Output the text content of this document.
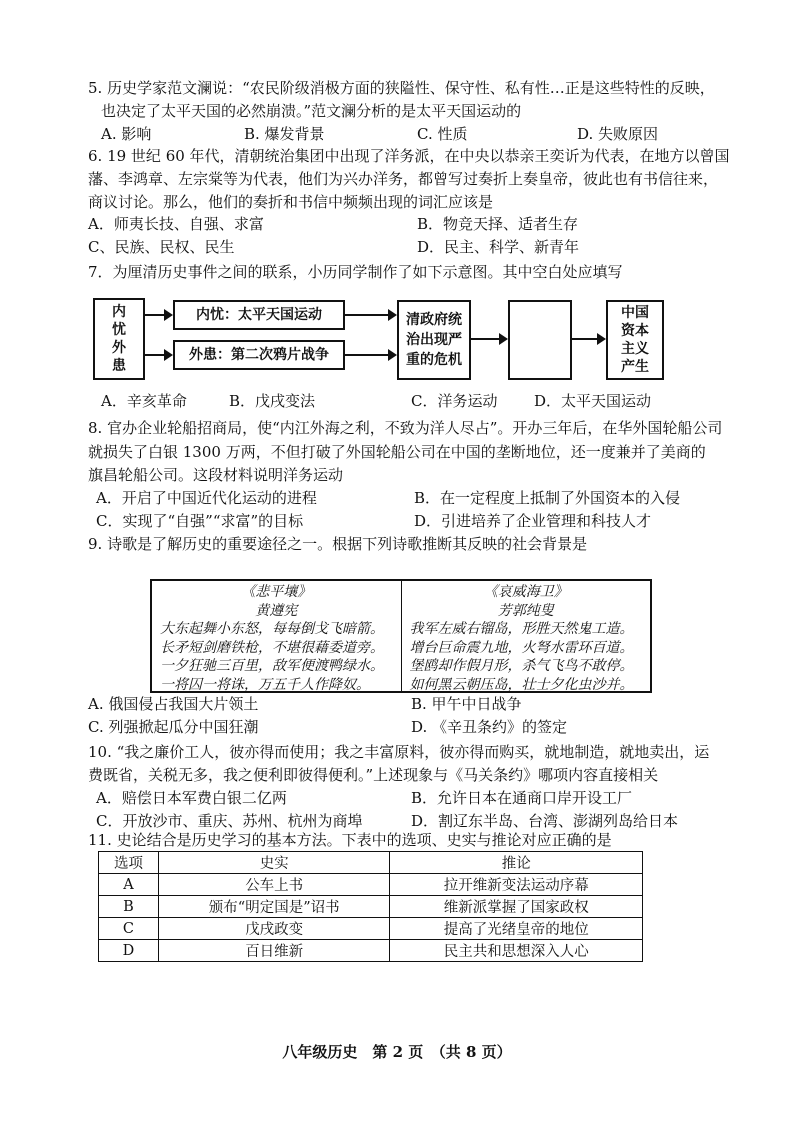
5. 历史学家范文澜说：“农民阶级消极方面的狭隘性、保守性、私有性…正是这些特性的反映，
也决定了太平天国的必然崩溃。”范文澜分析的是太平天国运动的
A. 影响	B. 爆发背景	C. 性质	D. 失败原因
6. 19 世纪 60 年代，清朝统治集团中出现了洋务派，在中央以恭亲王奕䜣为代表，在地方以曾国
藩、李鸿章、左宗棠等为代表，他们为兴办洋务，都曾写过奏折上奏皇帝，彼此也有书信往来，
商议讨论。那么，他们的奏折和书信中频频出现的词汇应该是
A．师夷长技、自强、求富	B．物竞天择、适者生存
C、民族、民权、民生	D．民主、科学、新青年
7．为厘清历史事件之间的联系，小历同学制作了如下示意图。其中空白处应填写
内忧外患
内忧：太平天国运动
外患：第二次鸦片战争
清政府统治出现严重的危机
中国资本主义产生
A．辛亥革命	B．戊戌变法	C．洋务运动 D．太平天国运动
8. 官办企业轮船招商局，使“内江外海之利，不致为洋人尽占”。开办三年后，在华外国轮船公司
就损失了白银 1300 万两，不但打破了外国轮船公司在中国的垄断地位，还一度兼并了美商的
旗昌轮船公司。这段材料说明洋务运动
A．开启了中国近代化运动的进程	B．在一定程度上抵制了外国资本的入侵
C．实现了“自强”“求富”的目标	D．引进培养了企业管理和科技人才
9. 诗歌是了解历史的重要途径之一。根据下列诗歌推断其反映的社会背景是
《悲平壤》
黄遵宪
大东起舞小东怒，每每倒戈飞暗箭。
长矛短剑磨铁枪，不堪很藉委道旁。
一夕狂驰三百里，敌军便渡鸭绿水。
一将囚一将诛，万五千人作降奴。
《哀威海卫》
芳郭纯叟
我军左威右镏岛，形胜天然鬼工造。
增台巨命震九地，火弩水雷环百道。
堡鸥却作假月形，杀气飞鸟不敢停。
如何黑云朝压岛，壮士夕化虫沙并。
A. 俄国侵占我国大片领土	B. 甲午中日战争
C. 列强掀起瓜分中国狂潮	D. 《辛丑条约》的签定
10. “我之廉价工人，彼亦得而使用；我之丰富原料，彼亦得而购买，就地制造，就地卖出，运
费既省，关税无多，我之便利即彼得便利。”上述现象与《马关条约》哪项内容直接相关
A．赔偿日本军费白银二亿两	B．允许日本在通商口岸开设工厂
C．开放沙市、重庆、苏州、杭州为商埠	D．割辽东半岛、台湾、澎湖列岛给日本
11. 史论结合是历史学习的基本方法。下表中的选项、史实与推论对应正确的是
选项	史实	推论
A	公车上书	拉开维新变法运动序幕
B	颁布“明定国是”诏书	维新派掌握了国家政权
C	戊戌政变	提高了光绪皇帝的地位
D	百日维新	民主共和思想深入人心
八年级历史　第 2 页　（共 8 页）
